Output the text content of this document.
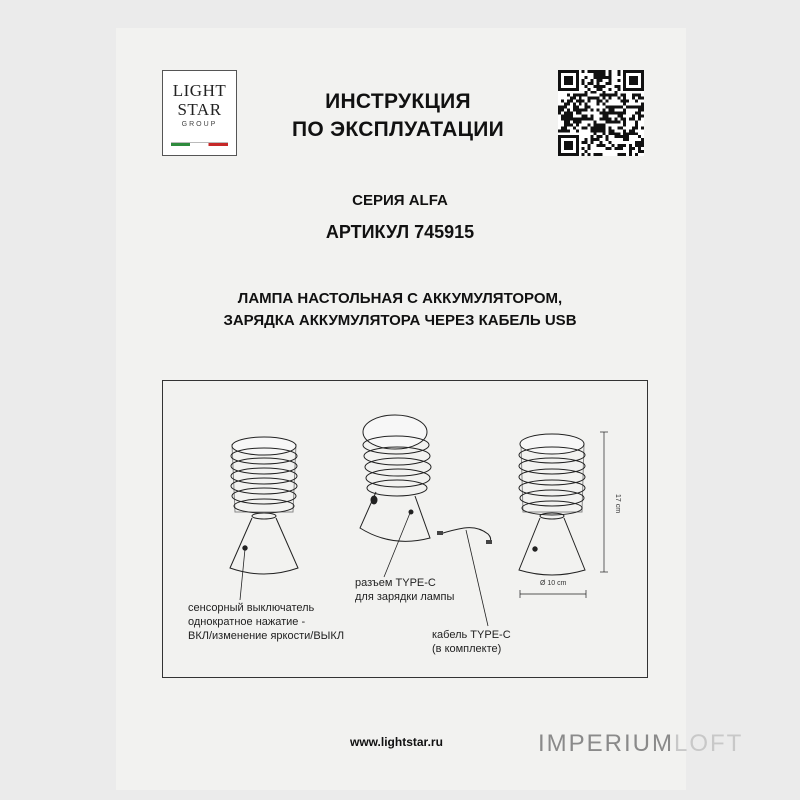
LIGHT
STAR
GROUP
ИНСТРУКЦИЯ
ПО ЭКСПЛУАТАЦИИ
СЕРИЯ ALFA
АРТИКУЛ 745915
ЛАМПА НАСТОЛЬНАЯ С АККУМУЛЯТОРОМ,
ЗАРЯДКА АККУМУЛЯТОРА ЧЕРЕЗ КАБЕЛЬ USB
17 cm
Ø 10 cm
разъем TYPE-C
для зарядки лампы
сенсорный выключатель
однократное нажатие -
ВКЛ/изменение яркости/ВЫКЛ	кабель TYPE-C
(в комплекте)
www.lightstar.ru	IMPERIUMLOFT
